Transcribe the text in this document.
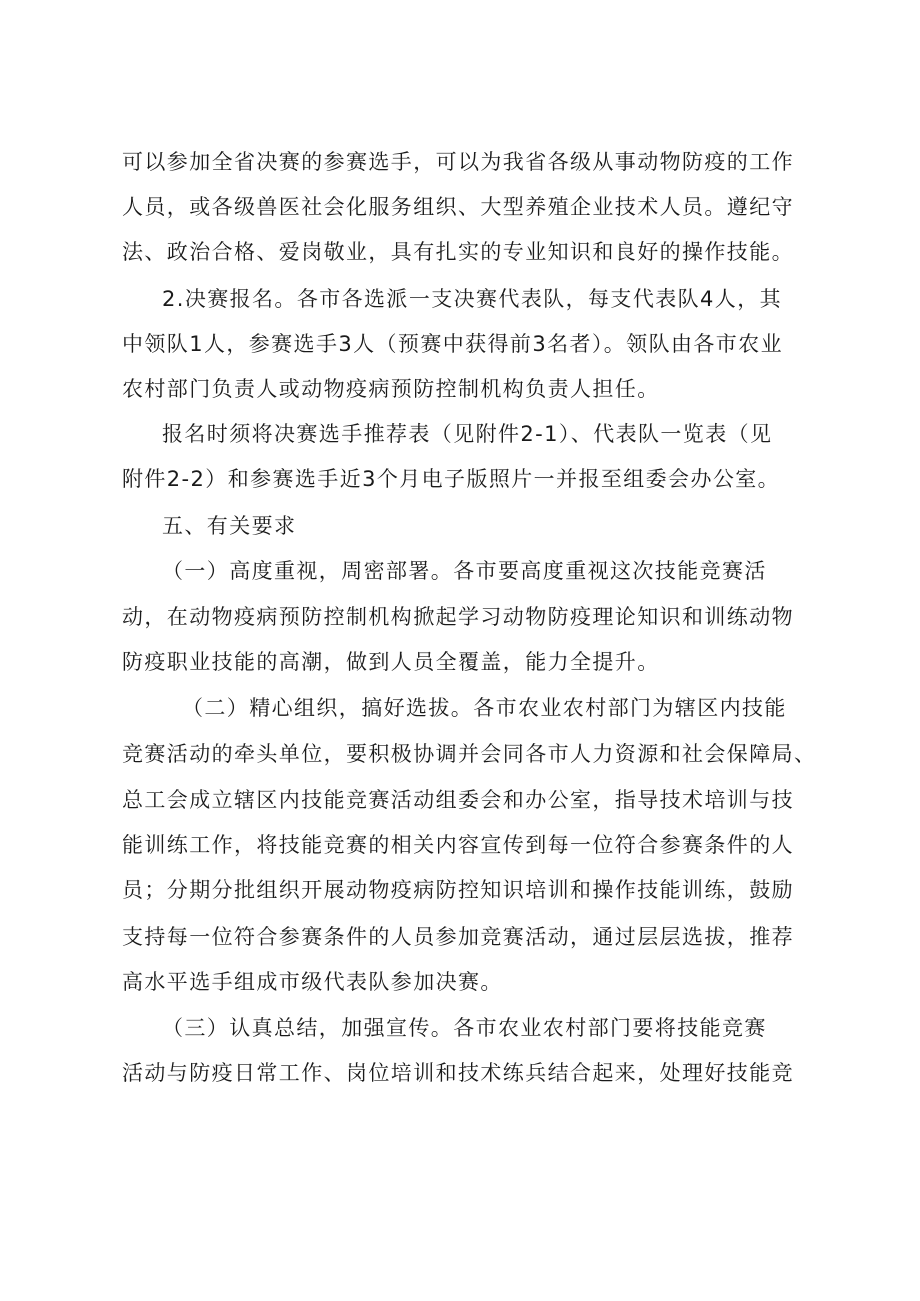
可以参加全省决赛的参赛选手，可以为我省各级从事动物防疫的工作
人员，或各级兽医社会化服务组织、大型养殖企业技术人员。遵纪守
法、政治合格、爱岗敬业，具有扎实的专业知识和良好的操作技能。
2.决赛报名。各市各选派一支决赛代表队，每支代表队4人，其
中领队1人，参赛选手3人（预赛中获得前3名者）。领队由各市农业
农村部门负责人或动物疫病预防控制机构负责人担任。
报名时须将决赛选手推荐表（见附件2-1）、代表队一览表（见
附件2-2）和参赛选手近3个月电子版照片一并报至组委会办公室。
五、有关要求
（一）高度重视，周密部署。各市要高度重视这次技能竞赛活
动，在动物疫病预防控制机构掀起学习动物防疫理论知识和训练动物
防疫职业技能的高潮，做到人员全覆盖，能力全提升。
（二）精心组织，搞好选拔。各市农业农村部门为辖区内技能
竞赛活动的牵头单位，要积极协调并会同各市人力资源和社会保障局、
总工会成立辖区内技能竞赛活动组委会和办公室，指导技术培训与技
能训练工作，将技能竞赛的相关内容宣传到每一位符合参赛条件的人
员；分期分批组织开展动物疫病防控知识培训和操作技能训练，鼓励
支持每一位符合参赛条件的人员参加竞赛活动，通过层层选拔，推荐
高水平选手组成市级代表队参加决赛。
（三）认真总结，加强宣传。各市农业农村部门要将技能竞赛
活动与防疫日常工作、岗位培训和技术练兵结合起来，处理好技能竞
